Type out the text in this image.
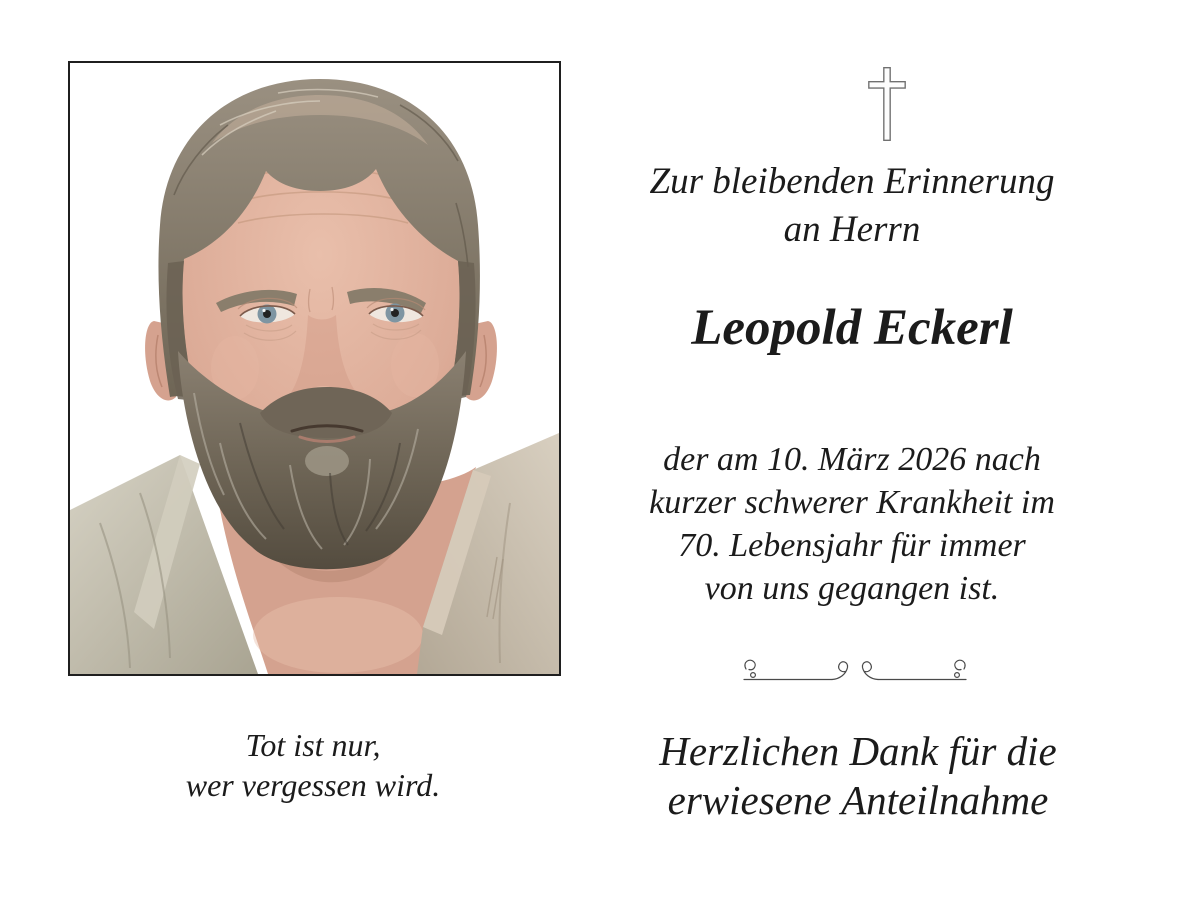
Tot ist nur,
wer vergessen wird.
Zur bleibenden Erinnerung
an Herrn
Leopold Eckerl
der am 10. März 2026 nach
kurzer schwerer Krankheit im
70. Lebensjahr für immer
von uns gegangen ist.
Herzlichen Dank für die
erwiesene Anteilnahme
